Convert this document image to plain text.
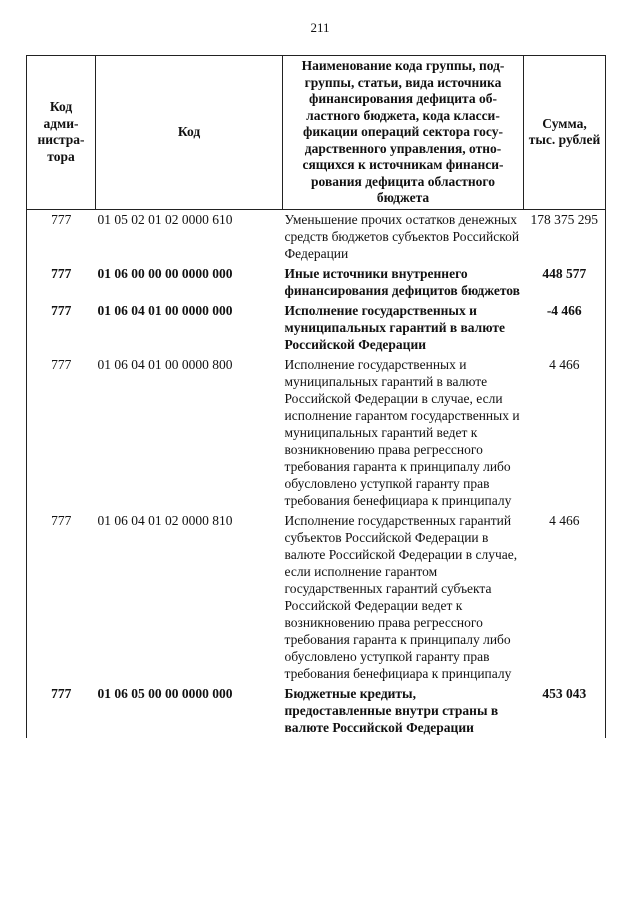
211
Код адми-нистра-тора	Код	Наименование кода группы, под-группы, статьи, вида источника финансирования дефицита об-ластного бюджета, кода класси-фикации операций сектора госу-дарственного управления, отно-сящихся к источникам финанси-рования дефицита областного бюджета	Сумма, тыс. рублей
777	01 05 02 01 02 0000 610	Уменьшение прочих остатков денежных средств бюджетов субъектов Российской Федерации	178 375 295
777	01 06 00 00 00 0000 000	Иные источники внутреннего финансирования дефицитов бюджетов	448 577
777	01 06 04 01 00 0000 000	Исполнение государственных и муниципальных гарантий в валюте Российской Федерации	-4 466
777	01 06 04 01 00 0000 800	Исполнение государственных и муниципальных гарантий в валюте Российской Федерации в случае, если исполнение гарантом государственных и муниципальных гарантий ведет к возникновению права регрессного требования гаранта к принципалу либо обусловлено уступкой гаранту прав требования бенефициара к принципалу	4 466
777	01 06 04 01 02 0000 810	Исполнение государственных гарантий субъектов Российской Федерации в валюте Российской Федерации в случае, если исполнение гарантом государственных гарантий субъекта Российской Федерации ведет к возникновению права регрессного требования гаранта к принципалу либо обусловлено уступкой гаранту прав требования бенефициара к принципалу	4 466
777	01 06 05 00 00 0000 000	Бюджетные кредиты, предоставленные внутри страны в валюте Российской Федерации	453 043
